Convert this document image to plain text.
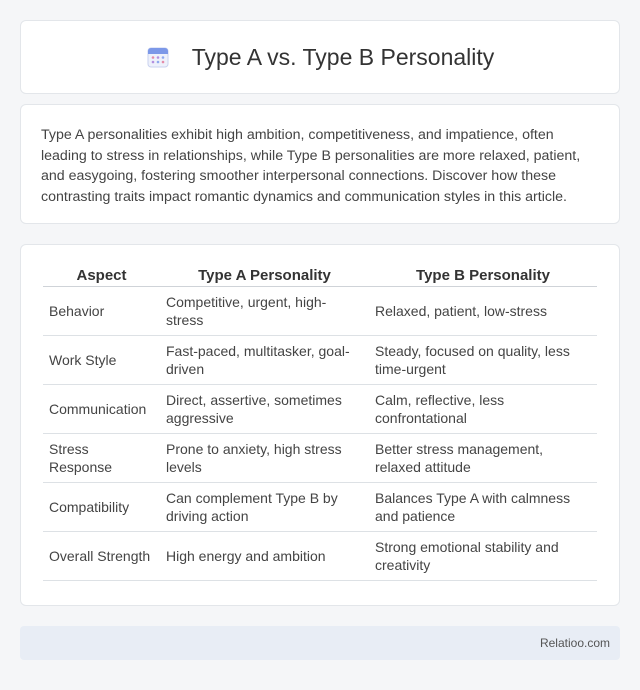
Type A vs. Type B Personality

Type A personalities exhibit high ambition, competitiveness, and impatience, often leading to stress in relationships, while Type B personalities are more relaxed, patient, and easygoing, fostering smoother interpersonal connections. Discover how these contrasting traits impact romantic dynamics and communication styles in this article.

Aspect	Type A Personality	Type B Personality
Behavior	Competitive, urgent, high-stress	Relaxed, patient, low-stress
Work Style	Fast-paced, multitasker, goal-driven	Steady, focused on quality, less time-urgent
Communication	Direct, assertive, sometimes aggressive	Calm, reflective, less confrontational
Stress Response	Prone to anxiety, high stress levels	Better stress management, relaxed attitude
Compatibility	Can complement Type B by driving action	Balances Type A with calmness and patience
Overall Strength	High energy and ambition	Strong emotional stability and creativity
Relatioo.com
